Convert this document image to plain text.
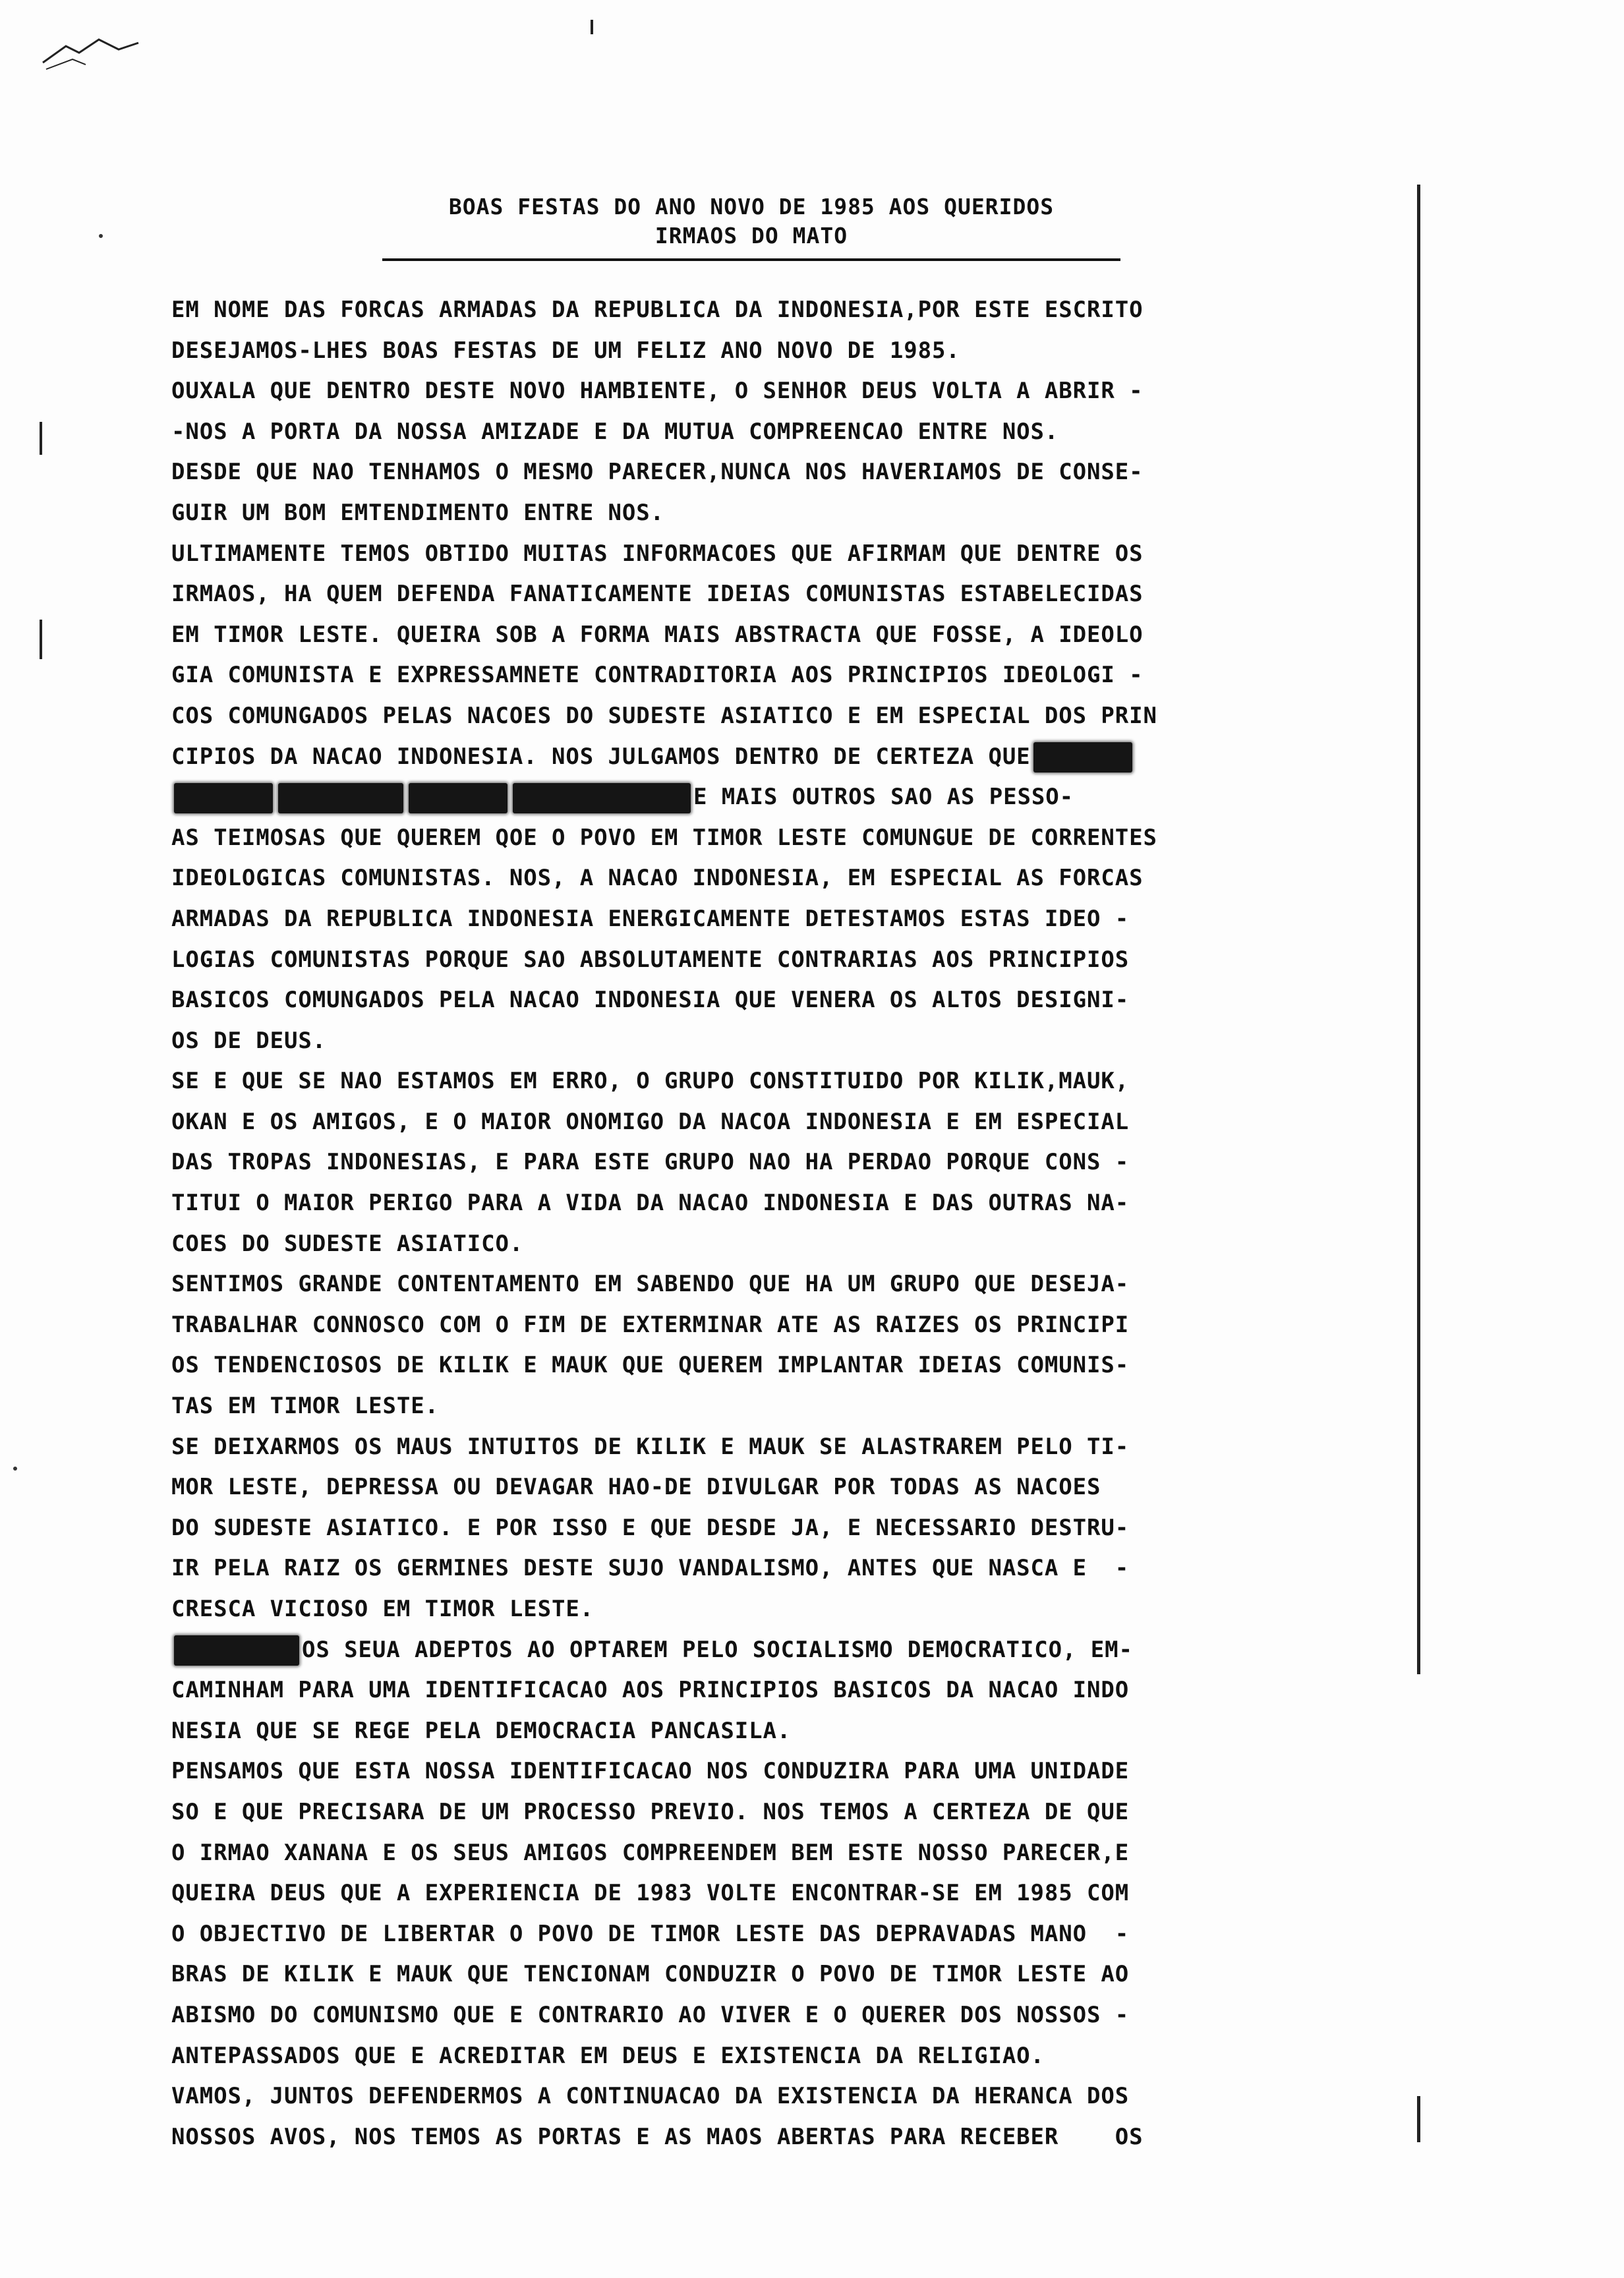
BOAS FESTAS DO ANO NOVO DE 1985 AOS QUERIDOS
IRMAOS DO MATO
EM NOME DAS FORCAS ARMADAS DA REPUBLICA DA INDONESIA,POR ESTE ESCRITO
DESEJAMOS-LHES BOAS FESTAS DE UM FELIZ ANO NOVO DE 1985.
OUXALA QUE DENTRO DESTE NOVO HAMBIENTE, O SENHOR DEUS VOLTA A ABRIR -
-NOS A PORTA DA NOSSA AMIZADE E DA MUTUA COMPREENCAO ENTRE NOS.
DESDE QUE NAO TENHAMOS O MESMO PARECER,NUNCA NOS HAVERIAMOS DE CONSE-
GUIR UM BOM EMTENDIMENTO ENTRE NOS.
ULTIMAMENTE TEMOS OBTIDO MUITAS INFORMACOES QUE AFIRMAM QUE DENTRE OS
IRMAOS, HA QUEM DEFENDA FANATICAMENTE IDEIAS COMUNISTAS ESTABELECIDAS
EM TIMOR LESTE. QUEIRA SOB A FORMA MAIS ABSTRACTA QUE FOSSE, A IDEOLO
GIA COMUNISTA E EXPRESSAMNETE CONTRADITORIA AOS PRINCIPIOS IDEOLOGI -
COS COMUNGADOS PELAS NACOES DO SUDESTE ASIATICO E EM ESPECIAL DOS PRIN
CIPIOS DA NACAO INDONESIA. NOS JULGAMOS DENTRO DE CERTEZA QUE
E MAIS OUTROS SAO AS PESSO-
AS TEIMOSAS QUE QUEREM QOE O POVO EM TIMOR LESTE COMUNGUE DE CORRENTES
IDEOLOGICAS COMUNISTAS. NOS, A NACAO INDONESIA, EM ESPECIAL AS FORCAS
ARMADAS DA REPUBLICA INDONESIA ENERGICAMENTE DETESTAMOS ESTAS IDEO -
LOGIAS COMUNISTAS PORQUE SAO ABSOLUTAMENTE CONTRARIAS AOS PRINCIPIOS
BASICOS COMUNGADOS PELA NACAO INDONESIA QUE VENERA OS ALTOS DESIGNI-
OS DE DEUS.
SE E QUE SE NAO ESTAMOS EM ERRO, O GRUPO CONSTITUIDO POR KILIK,MAUK,
OKAN E OS AMIGOS, E O MAIOR ONOMIGO DA NACOA INDONESIA E EM ESPECIAL
DAS TROPAS INDONESIAS, E PARA ESTE GRUPO NAO HA PERDAO PORQUE CONS -
TITUI O MAIOR PERIGO PARA A VIDA DA NACAO INDONESIA E DAS OUTRAS NA-
COES DO SUDESTE ASIATICO.
SENTIMOS GRANDE CONTENTAMENTO EM SABENDO QUE HA UM GRUPO QUE DESEJA-
TRABALHAR CONNOSCO COM O FIM DE EXTERMINAR ATE AS RAIZES OS PRINCIPI
OS TENDENCIOSOS DE KILIK E MAUK QUE QUEREM IMPLANTAR IDEIAS COMUNIS-
TAS EM TIMOR LESTE.
SE DEIXARMOS OS MAUS INTUITOS DE KILIK E MAUK SE ALASTRAREM PELO TI-
MOR LESTE, DEPRESSA OU DEVAGAR HAO-DE DIVULGAR POR TODAS AS NACOES
DO SUDESTE ASIATICO. E POR ISSO E QUE DESDE JA, E NECESSARIO DESTRU-
IR PELA RAIZ OS GERMINES DESTE SUJO VANDALISMO, ANTES QUE NASCA E  -
CRESCA VICIOSO EM TIMOR LESTE.
OS SEUA ADEPTOS AO OPTAREM PELO SOCIALISMO DEMOCRATICO, EM-
CAMINHAM PARA UMA IDENTIFICACAO AOS PRINCIPIOS BASICOS DA NACAO INDO
NESIA QUE SE REGE PELA DEMOCRACIA PANCASILA.
PENSAMOS QUE ESTA NOSSA IDENTIFICACAO NOS CONDUZIRA PARA UMA UNIDADE
SO E QUE PRECISARA DE UM PROCESSO PREVIO. NOS TEMOS A CERTEZA DE QUE
O IRMAO XANANA E OS SEUS AMIGOS COMPREENDEM BEM ESTE NOSSO PARECER,E
QUEIRA DEUS QUE A EXPERIENCIA DE 1983 VOLTE ENCONTRAR-SE EM 1985 COM
O OBJECTIVO DE LIBERTAR O POVO DE TIMOR LESTE DAS DEPRAVADAS MANO  -
BRAS DE KILIK E MAUK QUE TENCIONAM CONDUZIR O POVO DE TIMOR LESTE AO
ABISMO DO COMUNISMO QUE E CONTRARIO AO VIVER E O QUERER DOS NOSSOS -
ANTEPASSADOS QUE E ACREDITAR EM DEUS E EXISTENCIA DA RELIGIAO.
VAMOS, JUNTOS DEFENDERMOS A CONTINUACAO DA EXISTENCIA DA HERANCA DOS
NOSSOS AVOS, NOS TEMOS AS PORTAS E AS MAOS ABERTAS PARA RECEBER    OS
